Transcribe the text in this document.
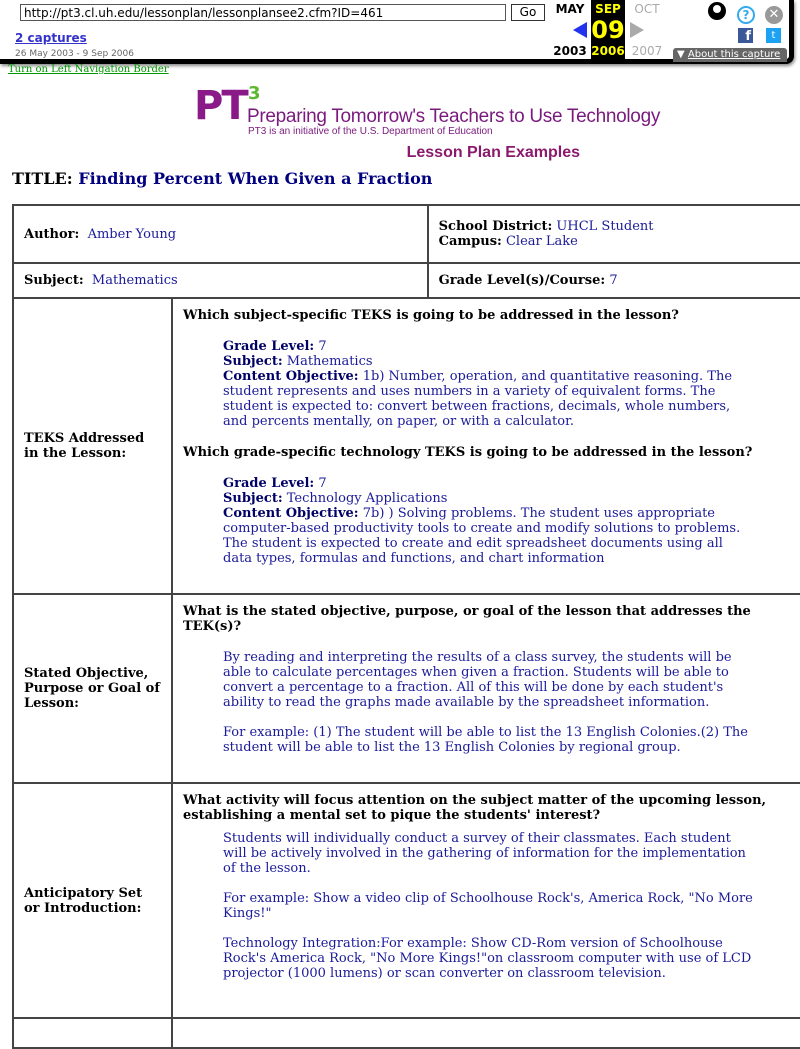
http://pt3.cl.uh.edu/lessonplan/lessonplansee2.cfm?ID=461
Go
2 captures
26 May 2003 - 9 Sep 2006
MAY
2003
SEP
09
2006
OCT
2007
?	✕
f	t
▼ About this capture
Turn on Left Navigation Border
PT 3
Preparing Tomorrow's Teachers to Use Technology
PT3 is an initiative of the U.S. Department of Education
Lesson Plan Examples
TITLE: Finding Percent When Given a Fraction
Author: Amber Young		School District: UHCL Student
Campus: Clear Lake

Subject: Mathematics		Grade Level(s)/Course: 7
TEKS Addressed in the Lesson:	
Which subject-specific TEKS is going to be addressed in the lesson?
Grade Level: 7
Subject: Mathematics
Content Objective: 1b) Number, operation, and quantitative reasoning. The student represents and uses numbers in a variety of equivalent forms. The student is expected to: convert between fractions, decimals, whole numbers, and percents mentally, on paper, or with a calculator.
Which grade-specific technology TEKS is going to be addressed in the lesson?
Grade Level: 7
Subject: Technology Applications
Content Objective: 7b) ) Solving problems. The student uses appropriate computer-based productivity tools to create and modify solutions to problems. The student is expected to create and edit spreadsheet documents using all data types, formulas and functions, and chart information

Stated Objective, Purpose or Goal of Lesson:	What is the stated objective, purpose, or goal of the lesson that addresses the TEK(s)?

By reading and interpreting the results of a class survey, the students will be able to calculate percentages when given a fraction. Students will be able to convert a percentage to a fraction. All of this will be done by each student's ability to read the graphs made available by the spreadsheet information.

For example: (1) The student will be able to list the 13 English Colonies.(2) The student will be able to list the 13 English Colonies by regional group.	

Anticipatory Set or Introduction:	What activity will focus attention on the subject matter of the upcoming lesson, establishing a mental set to pique the students' interest?

Students will individually conduct a survey of their classmates. Each student will be actively involved in the gathering of information for the implementation of the lesson.

For example: Show a video clip of Schoolhouse Rock's, America Rock, "No More Kings!"

Technology Integration:For example: Show CD-Rom version of Schoolhouse Rock's America Rock, "No More Kings!"on classroom computer with use of LCD projector (1000 lumens) or scan converter on classroom television.	
